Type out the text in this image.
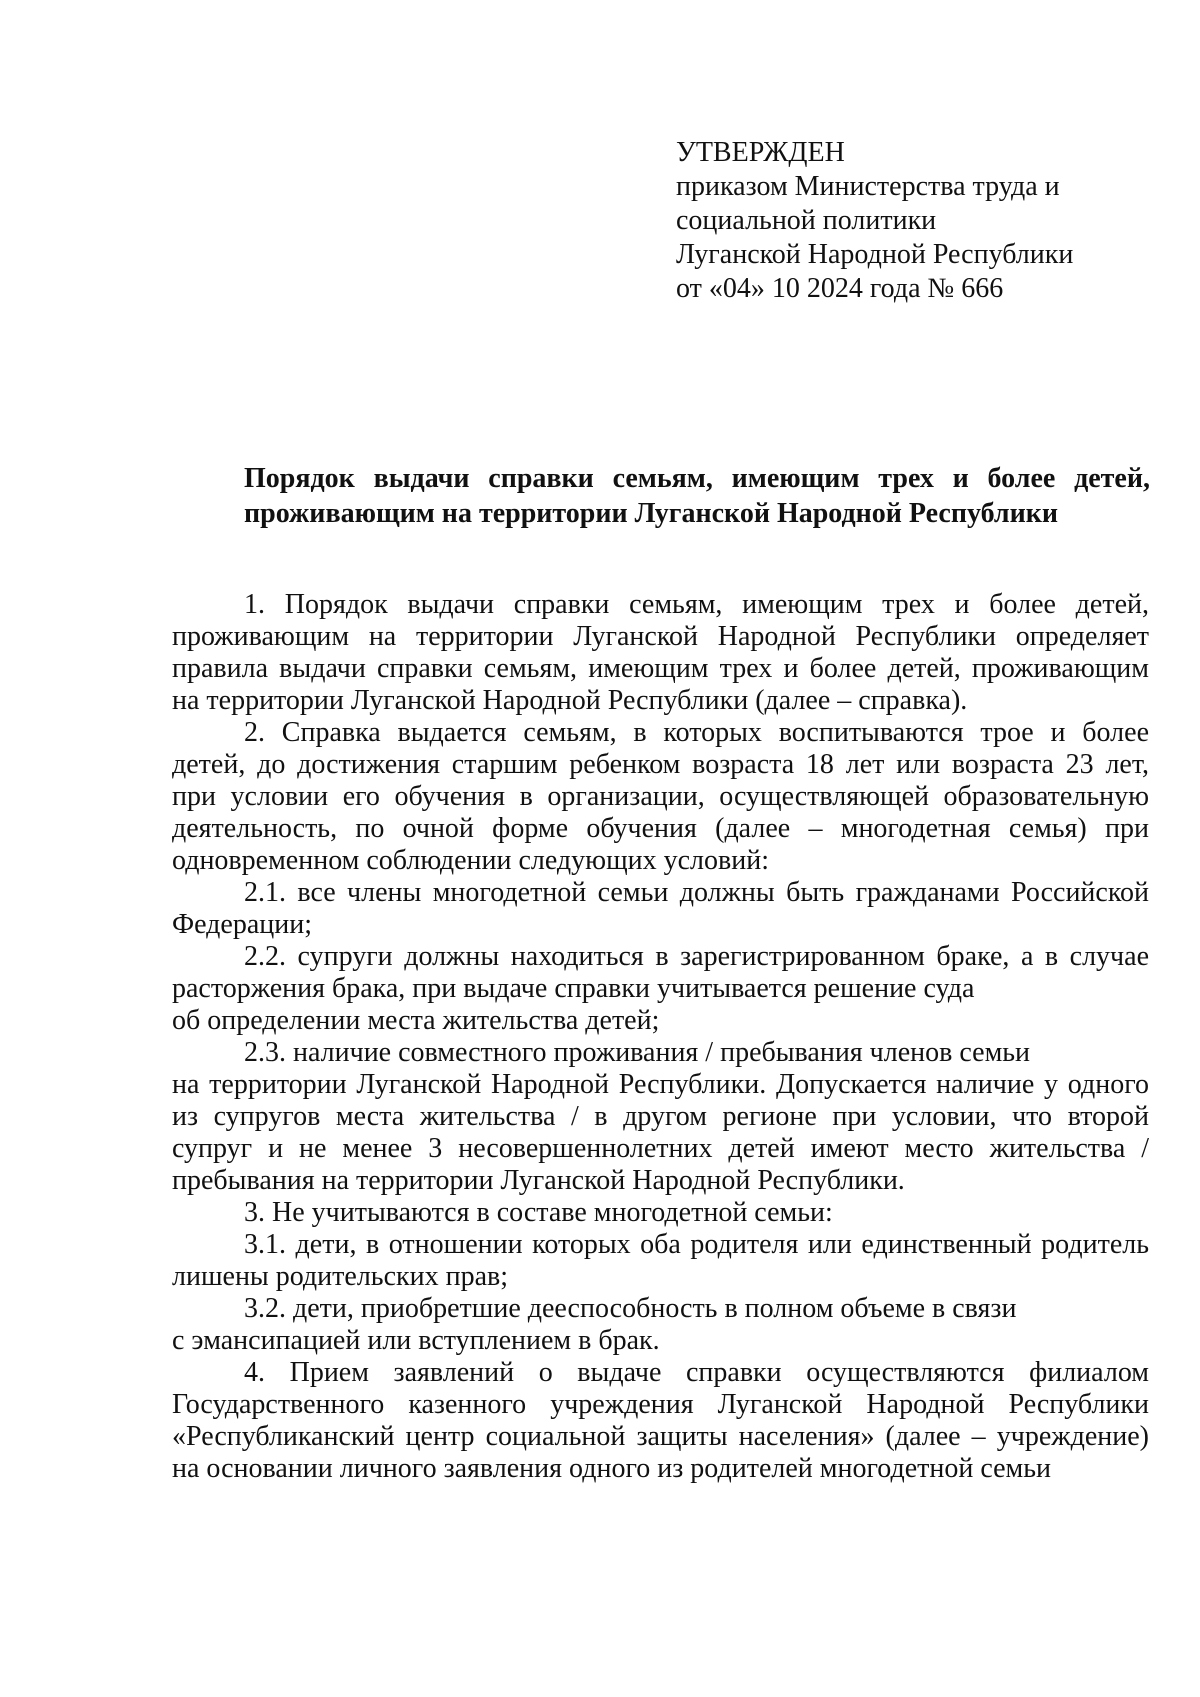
УТВЕРЖДЕН
приказом Министерства труда и
социальной политики
Луганской Народной Республики
от «04» 10 2024 года № 666
Порядок выдачи справки семьям, имеющим трех и более детей,
проживающим на территории Луганской Народной Республики
1. Порядок выдачи справки семьям, имеющим трех и более детей,
проживающим на территории Луганской Народной Республики определяет
правила выдачи справки семьям, имеющим трех и более детей, проживающим
на территории Луганской Народной Республики (далее – справка).
2. Справка выдается семьям, в которых воспитываются трое и более
детей, до достижения старшим ребенком возраста 18 лет или возраста 23 лет,
при условии его обучения в организации, осуществляющей образовательную
деятельность, по очной форме обучения (далее – многодетная семья) при
одновременном соблюдении следующих условий:
2.1. все члены многодетной семьи должны быть гражданами Российской
Федерации;
2.2. супруги должны находиться в зарегистрированном браке, а в случае
расторжения брака, при выдаче справки учитывается решение суда
об определении места жительства детей;
2.3. наличие совместного проживания / пребывания членов семьи
на территории Луганской Народной Республики. Допускается наличие у одного
из супругов места жительства / в другом регионе при условии, что второй
супруг и не менее 3 несовершеннолетних детей имеют место жительства /
пребывания на территории Луганской Народной Республики.
3. Не учитываются в составе многодетной семьи:
3.1. дети, в отношении которых оба родителя или единственный родитель
лишены родительских прав;
3.2. дети, приобретшие дееспособность в полном объеме в связи
с эмансипацией или вступлением в брак.
4. Прием заявлений о выдаче справки осуществляются филиалом
Государственного казенного учреждения Луганской Народной Республики
«Республиканский центр социальной защиты населения» (далее – учреждение)
на основании личного заявления одного из родителей многодетной семьи
